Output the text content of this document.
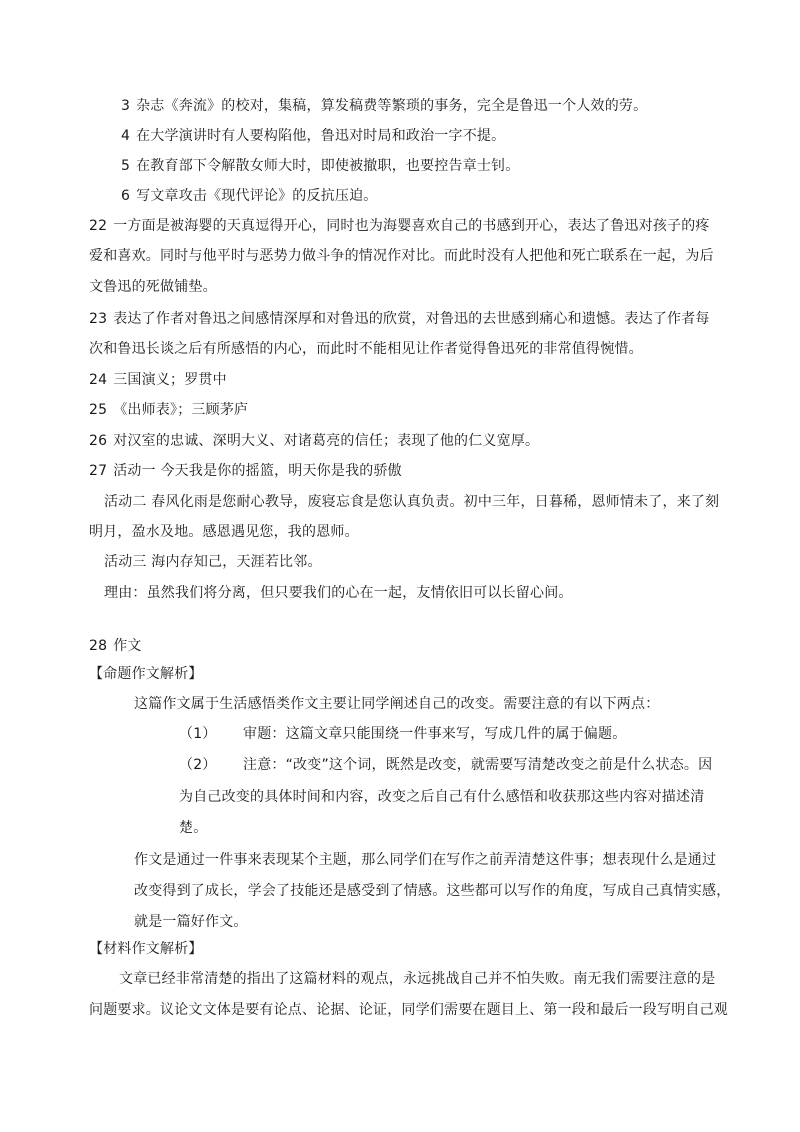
3 杂志《奔流》的校对，集稿，算发稿费等繁琐的事务，完全是鲁迅一个人效的劳。
4 在大学演讲时有人要构陷他，鲁迅对时局和政治一字不提。
5 在教育部下令解散女师大时，即使被撤职，也要控告章士钊。
6 写文章攻击《现代评论》的反抗压迫。
22 一方面是被海婴的天真逗得开心，同时也为海婴喜欢自己的书感到开心，表达了鲁迅对孩子的疼
爱和喜欢。同时与他平时与恶势力做斗争的情况作对比。而此时没有人把他和死亡联系在一起，为后
文鲁迅的死做铺垫。
23 表达了作者对鲁迅之间感情深厚和对鲁迅的欣赏，对鲁迅的去世感到痛心和遗憾。表达了作者每
次和鲁迅长谈之后有所感悟的内心，而此时不能相见让作者觉得鲁迅死的非常值得惋惜。
24 三国演义；罗贯中
25 《出师表》；三顾茅庐
26 对汉室的忠诚、深明大义、对诸葛亮的信任；表现了他的仁义宽厚。
27 活动一 今天我是你的摇篮，明天你是我的骄傲
活动二 春风化雨是您耐心教导，废寝忘食是您认真负责。初中三年，日暮稀，恩师情未了，来了刻
明月，盈水及地。感恩遇见您，我的恩师。
活动三 海内存知己，天涯若比邻。
理由：虽然我们将分离，但只要我们的心在一起，友情依旧可以长留心间。
28 作文
【命题作文解析】
这篇作文属于生活感悟类作文主要让同学阐述自己的改变。需要注意的有以下两点：
（1） 审题：这篇文章只能围绕一件事来写，写成几件的属于偏题。
（2） 注意：“改变”这个词，既然是改变，就需要写清楚改变之前是什么状态。因
为自己改变的具体时间和内容，改变之后自己有什么感悟和收获那这些内容对描述清
楚。
作文是通过一件事来表现某个主题，那么同学们在写作之前弄清楚这件事；想表现什么是通过
改变得到了成长，学会了技能还是感受到了情感。这些都可以写作的角度，写成自己真情实感，
就是一篇好作文。
【材料作文解析】
文章已经非常清楚的指出了这篇材料的观点，永远挑战自己并不怕失败。南无我们需要注意的是
问题要求。议论文文体是要有论点、论据、论证，同学们需要在题目上、第一段和最后一段写明自己观
